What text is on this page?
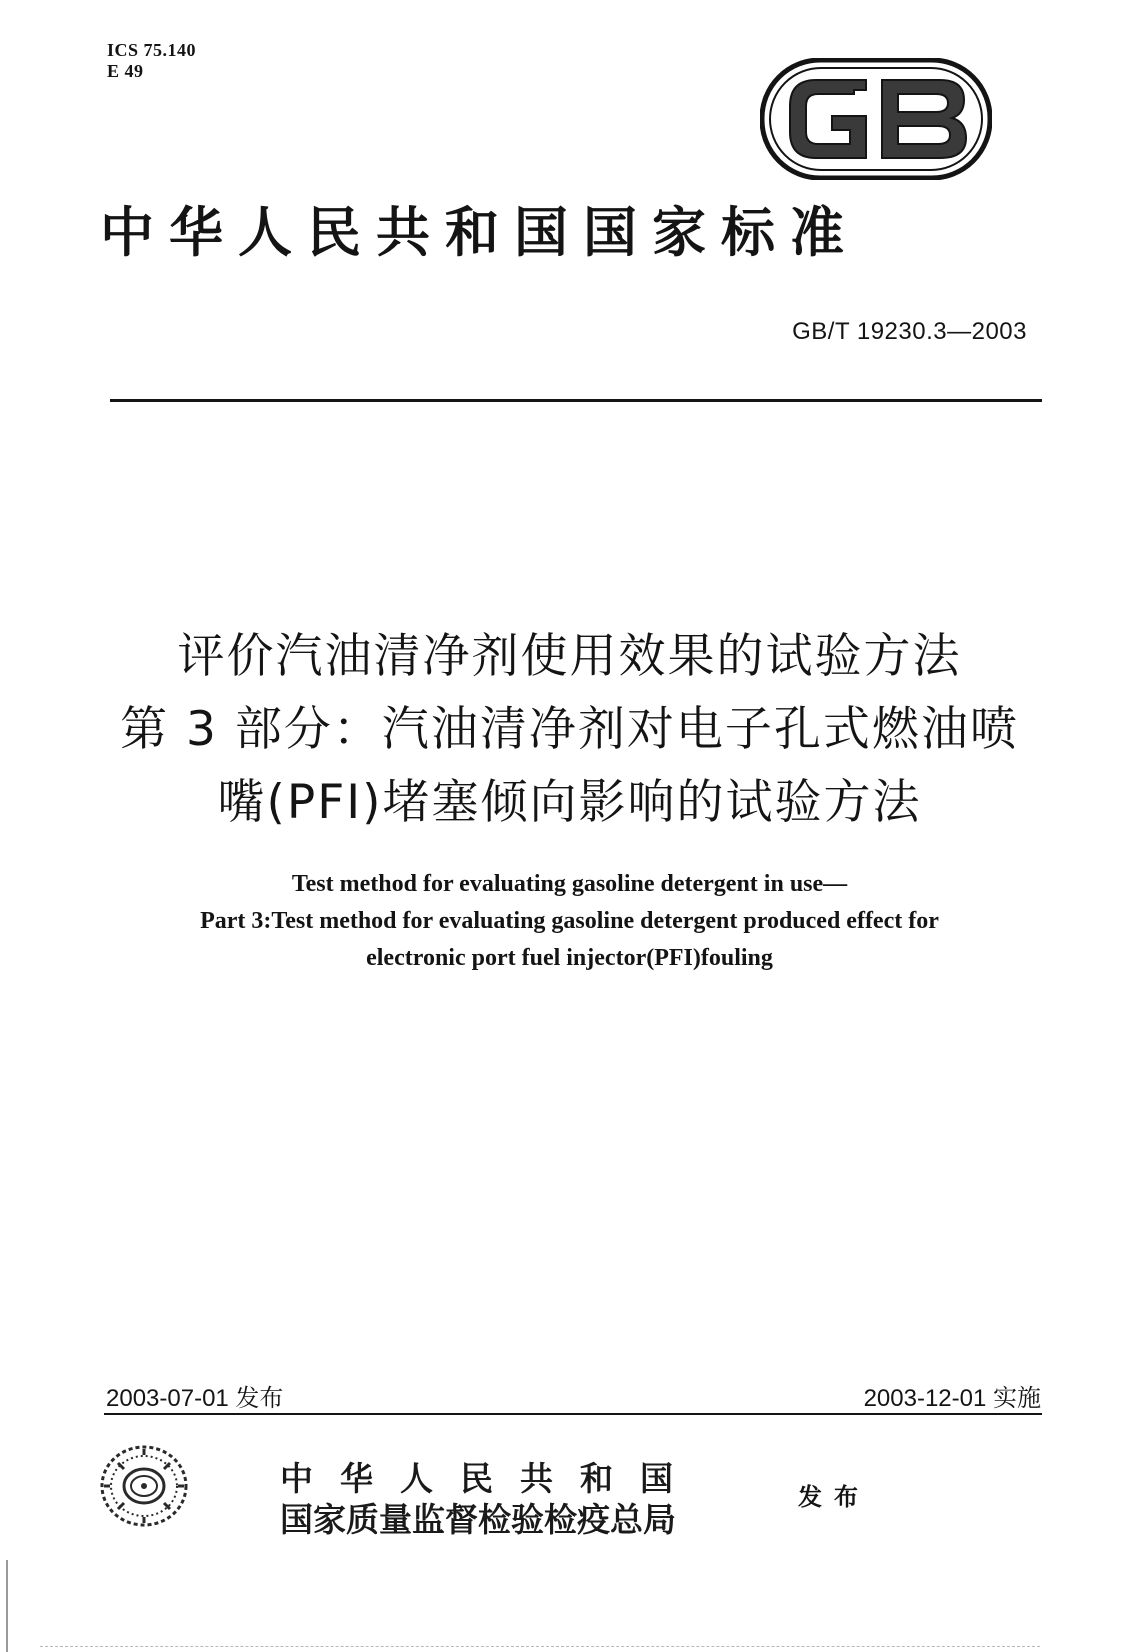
ICS 75.140
E 49
中华人民共和国国家标准
GB/T 19230.3—2003
评价汽油清净剂使用效果的试验方法
第 3 部分：汽油清净剂对电子孔式燃油喷
嘴(PFI)堵塞倾向影响的试验方法
Test method for evaluating gasoline detergent in use—
Part 3:Test method for evaluating gasoline detergent produced effect for
electronic port fuel injector(PFI)fouling
2003-07-01 发布	2003-12-01 实施
中华人民共和国
国家质量监督检验检疫总局
发布
